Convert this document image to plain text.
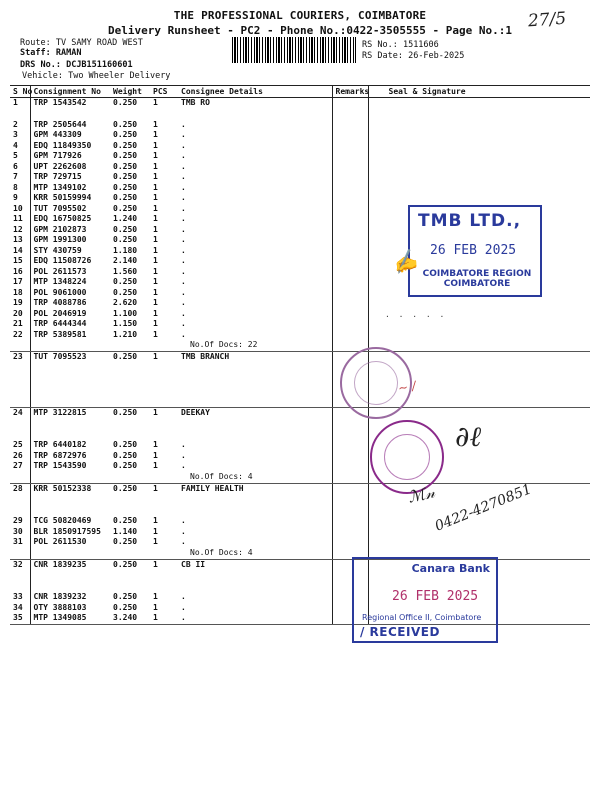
THE PROFESSIONAL COURIERS, COIMBATORE
Delivery Runsheet - PC2 - Phone No.:0422-3505555 - Page No.:1 27/5
Route: TV SAMY ROAD WEST
Staff: RAMAN
DRS No.: DCJB151160601
Vehicle: Two Wheeler Delivery
RS No.: 1511606
RS Date: 26-Feb-2025
S No	Consignment No	Weight	PCS	Consignee Details	Remarks	Seal & Signature
1	TRP 1543542	0.250	1	TMB RO		

2	TRP 2505644	0.250	1	.		
3	GPM 443309	0.250	1	.		
4	EDQ 11849350	0.250	1	.		
5	GPM 717926	0.250	1	.		
6	UPT 2262608	0.250	1	.		
7	TRP 729715	0.250	1	.		
8	MTP 1349102	0.250	1	.		
9	KRR 50159994	0.250	1	.		
10	TUT 7095502	0.250	1	.		
11	EDQ 16750825	1.240	1	.		
12	GPM 2102873	0.250	1	.		
13	GPM 1991300	0.250	1	.		
14	STY 430759	1.180	1	.		
15	EDQ 11508726	2.140	1	.		
16	POL 2611573	1.560	1	.		
17	MTP 1348224	0.250	1	.		
18	POL 9061000	0.250	1	.		
19	TRP 4088786	2.620	1	.		
20	POL 2046919	1.100	1	.		
21	TRP 6444344	1.150	1	.		
22	TRP 5389581	1.210	1	.		
				No.Of Docs: 22		
23	TUT 7095523	0.250	1	TMB BRANCH		

24	MTP 3122815	0.250	1	DEEKAY		

25	TRP 6440182	0.250	1	.		
26	TRP 6872976	0.250	1	.		
27	TRP 1543590	0.250	1	.		
				No.Of Docs: 4		
28	KRR 50152338	0.250	1	FAMILY HEALTH		

29	TCG 50820469	0.250	1	.		
30	BLR 1850917595	1.140	1	.		
31	POL 2611530	0.250	1	.		
				No.Of Docs: 4		
32	CNR 1839235	0.250	1	CB II		

33	CNR 1839232	0.250	1	.		
34	OTY 3888103	0.250	1	.		
35	MTP 1349085	3.240	1	.		
TMB LTD.,
26 FEB 2025
COIMBATORE REGION
COIMBATORE
✍
· · · · ·
~ ∕
∂ℓ
ℳ𝓃
0422-4270851
Canara Bank
26 FEB 2025
Regional Office II, Coimbatore
/ RECEIVED
